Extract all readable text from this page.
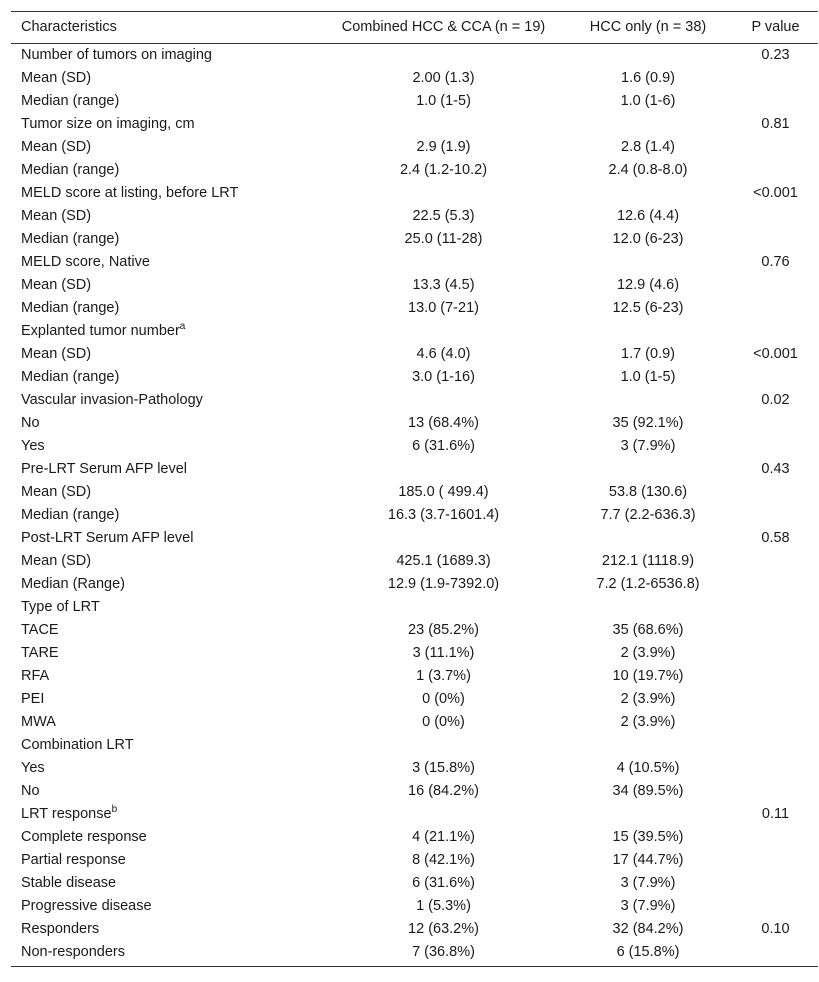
Characteristics	Combined HCC & CCA (n = 19)	HCC only (n = 38)	P value
Number of tumors on imaging			0.23
Mean (SD)	2.00 (1.3)	1.6 (0.9)	
Median (range)	1.0 (1-5)	1.0 (1-6)	
Tumor size on imaging, cm			0.81
Mean (SD)	2.9 (1.9)	2.8 (1.4)	
Median (range)	2.4 (1.2-10.2)	2.4 (0.8-8.0)	
MELD score at listing, before LRT			<0.001
Mean (SD)	22.5 (5.3)	12.6 (4.4)	
Median (range)	25.0 (11-28)	12.0 (6-23)	
MELD score, Native			0.76
Mean (SD)	13.3 (4.5)	12.9 (4.6)	
Median (range)	13.0 (7-21)	12.5 (6-23)	
Explanted tumor number$^a$			
Mean (SD)	4.6 (4.0)	1.7 (0.9)	<0.001
Median (range)	3.0 (1-16)	1.0 (1-5)	
Vascular invasion-Pathology			0.02
No	13 (68.4%)	35 (92.1%)	
Yes	6 (31.6%)	3 (7.9%)	
Pre-LRT Serum AFP level			0.43
Mean (SD)	185.0 ( 499.4)	53.8 (130.6)	
Median (range)	16.3 (3.7-1601.4)	7.7 (2.2-636.3)	
Post-LRT Serum AFP level			0.58
Mean (SD)	425.1 (1689.3)	212.1 (1118.9)	
Median (Range)	12.9 (1.9-7392.0)	7.2 (1.2-6536.8)	
Type of LRT			
TACE	23 (85.2%)	35 (68.6%)	
TARE	3 (11.1%)	2 (3.9%)	
RFA	1 (3.7%)	10 (19.7%)	
PEI	0 (0%)	2 (3.9%)	
MWA	0 (0%)	2 (3.9%)	
Combination LRT			
Yes	3 (15.8%)	4 (10.5%)	
No	16 (84.2%)	34 (89.5%)	
LRT response$^b$			0.11
Complete response	4 (21.1%)	15 (39.5%)	
Partial response	8 (42.1%)	17 (44.7%)	
Stable disease	6 (31.6%)	3 (7.9%)	
Progressive disease	1 (5.3%)	3 (7.9%)	
Responders	12 (63.2%)	32 (84.2%)	0.10
Non-responders	7 (36.8%)	6 (15.8%)	
